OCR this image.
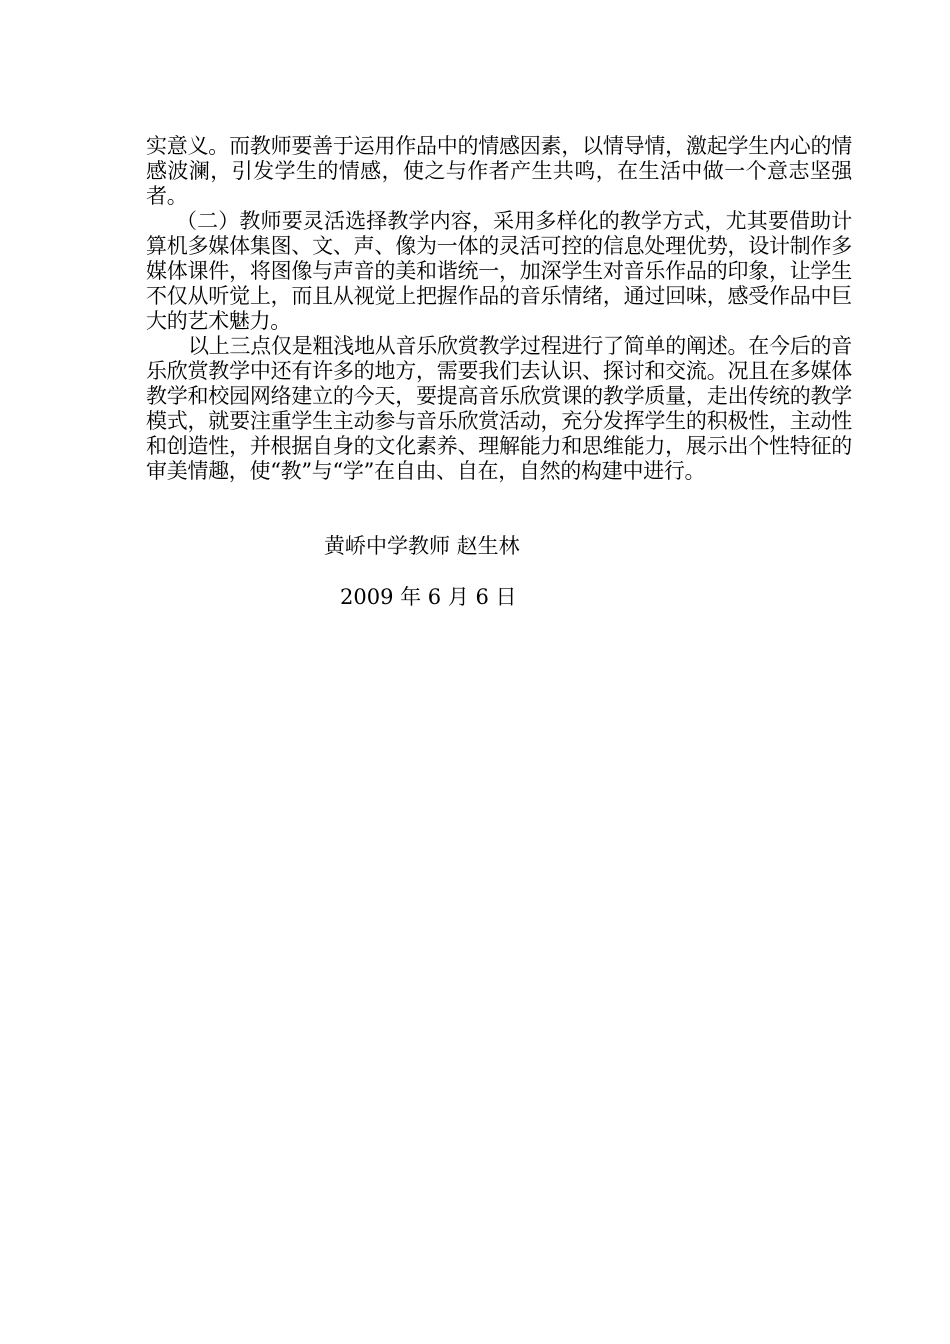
实意义。而教师要善于运用作品中的情感因素，以情导情，激起学生内心的情感波澜，引发学生的情感，使之与作者产生共鸣，在生活中做一个意志坚强者。

（二）教师要灵活选择教学内容，采用多样化的教学方式，尤其要借助计算机多媒体集图、文、声、像为一体的灵活可控的信息处理优势，设计制作多媒体课件，将图像与声音的美和谐统一，加深学生对音乐作品的印象，让学生不仅从听觉上，而且从视觉上把握作品的音乐情绪，通过回味，感受作品中巨大的艺术魅力。

以上三点仅是粗浅地从音乐欣赏教学过程进行了简单的阐述。在今后的音乐欣赏教学中还有许多的地方，需要我们去认识、探讨和交流。况且在多媒体教学和校园网络建立的今天，要提高音乐欣赏课的教学质量，走出传统的教学模式，就要注重学生主动参与音乐欣赏活动，充分发挥学生的积极性，主动性和创造性，并根据自身的文化素养、理解能力和思维能力，展示出个性特征的审美情趣，使“教”与“学”在自由、自在，自然的构建中进行。

黄峤中学教师 赵生林
2009 年 6 月 6 日
